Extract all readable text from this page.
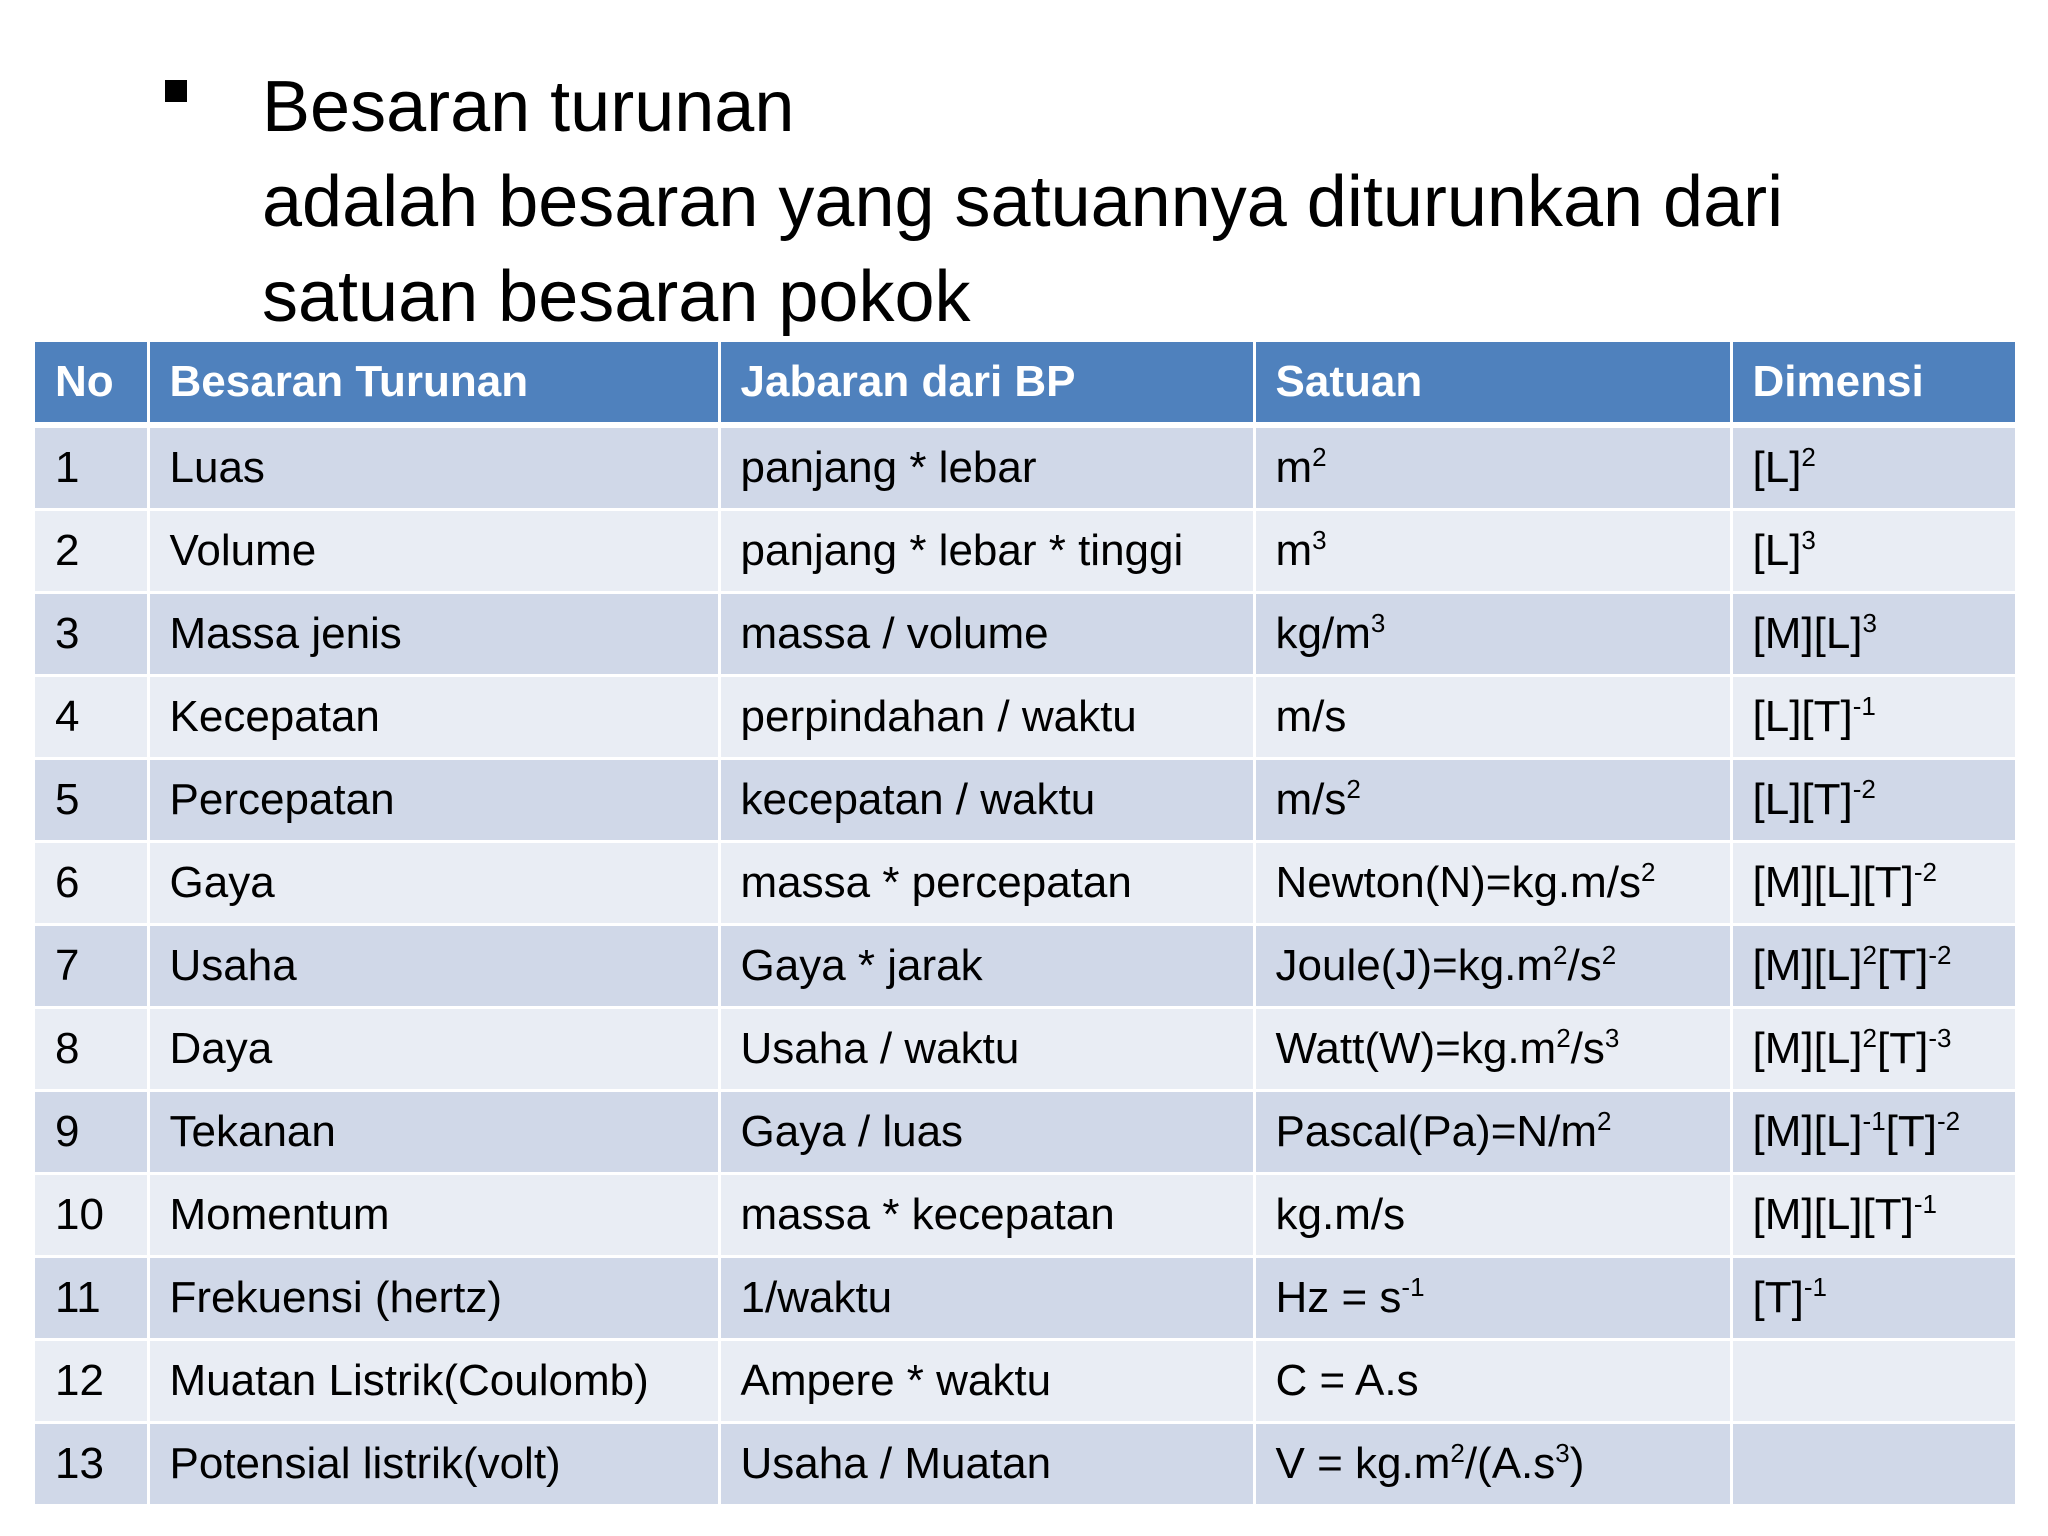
Besaran turunan
adalah besaran yang satuannya diturunkan dari
satuan besaran pokok
No	Besaran Turunan	Jabaran dari BP	Satuan	Dimensi
1	Luas	panjang * lebar	$m^2$	$[L]^2$
2	Volume	panjang * lebar * tinggi	$m^3$	$[L]^3$
3	Massa jenis	massa / volume	$kg/m^3$	$[M][L]^3$
4	Kecepatan	perpindahan / waktu	m/s	$[L][T]^{-1}$
5	Percepatan	kecepatan / waktu	$m/s^2$	$[L][T]^{-2}$
6	Gaya	massa * percepatan	$Newton(N)=kg.m/s^2$	$[M][L][T]^{-2}$
7	Usaha	Gaya * jarak	$Joule(J)=kg.m^2/s^2$	$[M][L]^2[T]^{-2}$
8	Daya	Usaha / waktu	$Watt(W)=kg.m^2/s^3$	$[M][L]^2[T]^{-3}$
9	Tekanan	Gaya / luas	$Pascal(Pa)=N/m^2$	$[M][L]^{-1}[T]^{-2}$
10	Momentum	massa * kecepatan	kg.m/s	$[M][L][T]^{-1}$
11	Frekuensi (hertz)	1/waktu	$Hz = s^{-1}$	$[T]^{-1}$
12	Muatan Listrik(Coulomb)	Ampere * waktu	C = A.s	
13	Potensial listrik(volt)	Usaha / Muatan	$V = kg.m^2/(A.s^3)$	
